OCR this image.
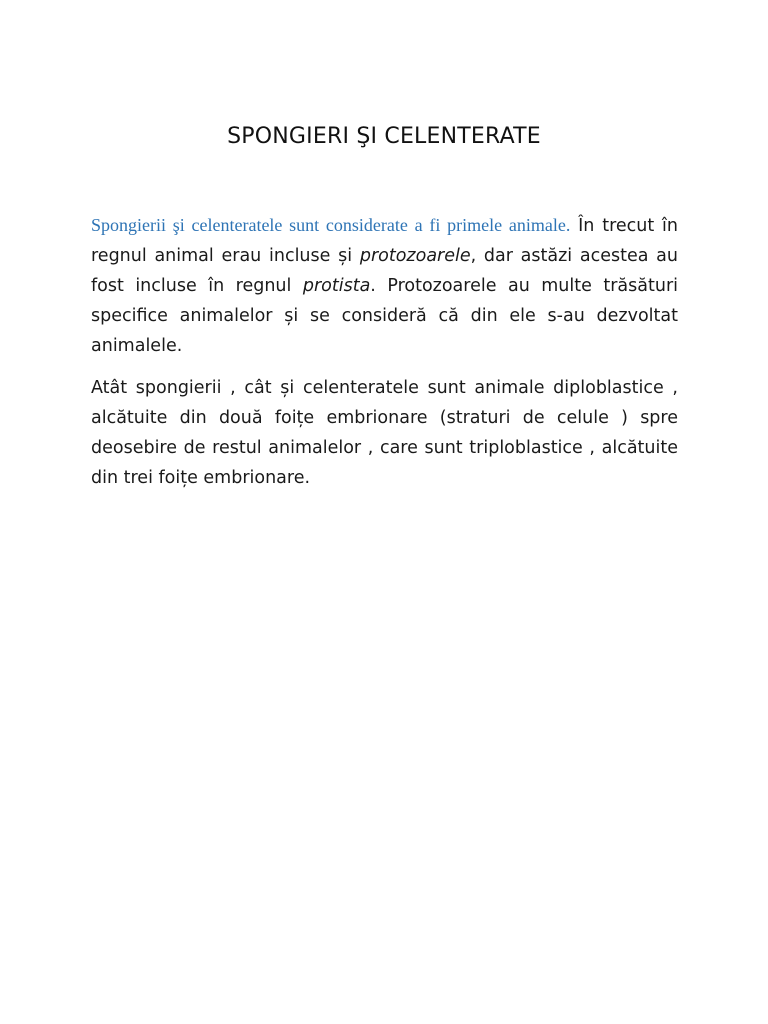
SPONGIERI ŞI CELENTERATE

Spongierii şi celenteratele sunt considerate a fi primele animale. În trecut în regnul animal erau incluse și protozoarele, dar astăzi acestea au fost incluse în regnul protista. Protozoarele au multe trăsături specifice animalelor și se consideră că din ele s-au dezvoltat animalele.

Atât spongierii , cât și celenteratele sunt animale diploblastice , alcătuite din două foițe embrionare (straturi de celule ) spre deosebire de restul animalelor , care sunt triploblastice , alcătuite din trei foițe embrionare.
